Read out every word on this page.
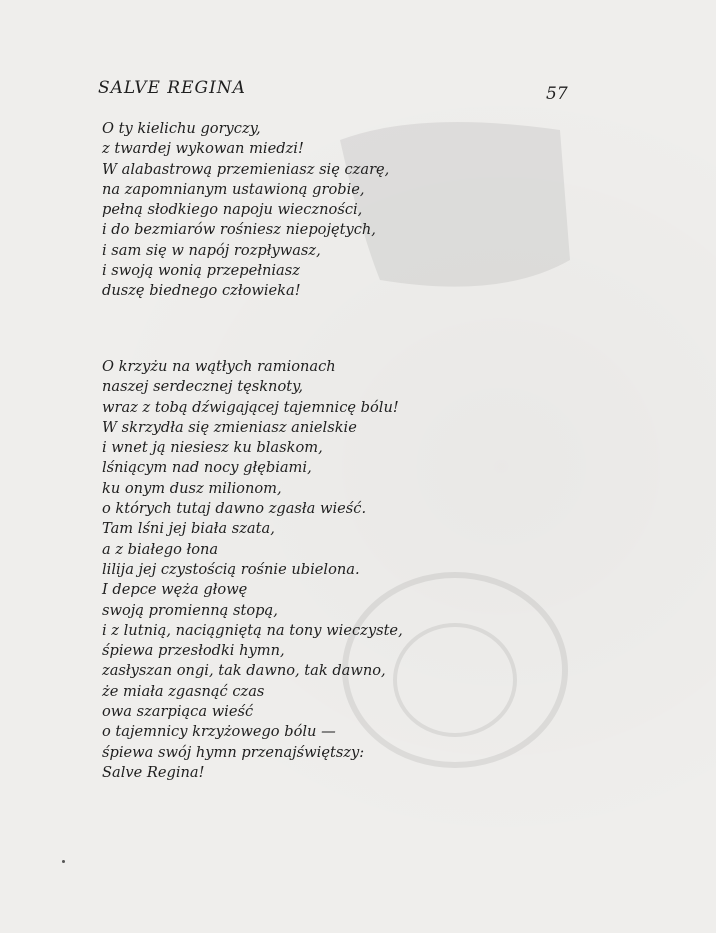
SALVE REGINA	57
O ty kielichu goryczy,
z twardej wykowan miedzi!
W alabastrową przemieniasz się czarę,
na zapomnianym ustawioną grobie,
pełną słodkiego napoju wieczności,
i do bezmiarów rośniesz niepojętych,
i sam się w napój rozpływasz,
i swoją wonią przepełniasz
duszę biednego człowieka!
O krzyżu na wątłych ramionach
naszej serdecznej tęsknoty,
wraz z tobą dźwigającej tajemnicę bólu!
W skrzydła się zmieniasz anielskie
i wnet ją niesiesz ku blaskom,
lśniącym nad nocy głębiami,
ku onym dusz milionom,
o których tutaj dawno zgasła wieść.
Tam lśni jej biała szata,
a z białego łona
lilija jej czystością rośnie ubielona.
I depce węża głowę
swoją promienną stopą,
i z lutnią, naciągniętą na tony wieczyste,
śpiewa przesłodki hymn,
zasłyszan ongi, tak dawno, tak dawno,
że miała zgasnąć czas
owa szarpiąca wieść
o tajemnicy krzyżowego bólu —
śpiewa swój hymn przenajświętszy:
Salve Regina!
